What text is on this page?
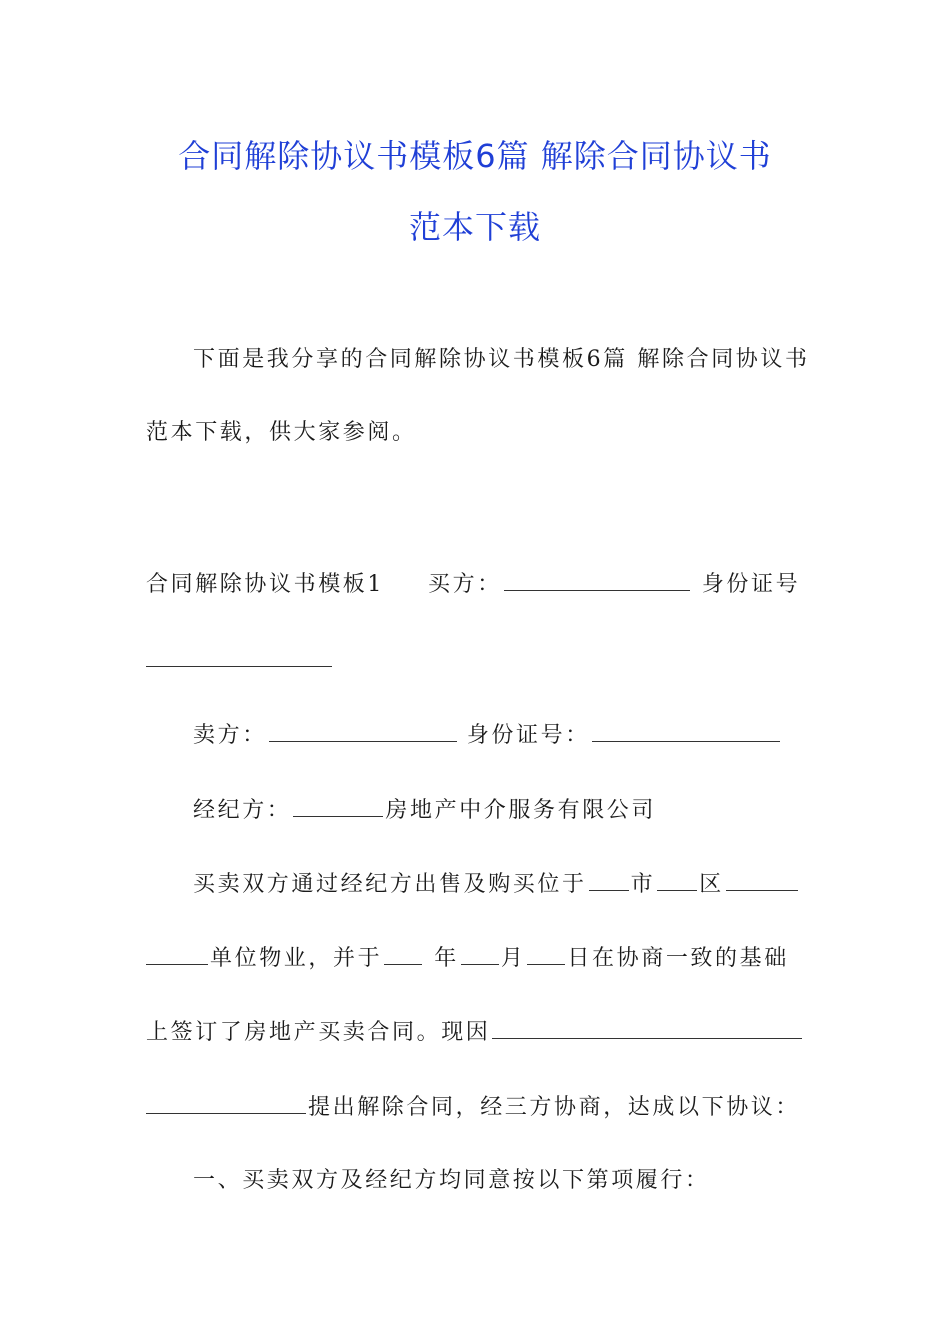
合同解除协议书模板6篇 解除合同协议书
范本下载
下面是我分享的合同解除协议书模板6篇 解除合同协议书
范本下载，供大家参阅。
合同解除协议书模板1 买方：	身份证号
卖方：	身份证号：
经纪方：	房地产中介服务有限公司
买卖双方通过经纪方出售及购买位于 市 区
单位物业，并于 年 月 日在协商一致的基础
上签订了房地产买卖合同。现因
提出解除合同，经三方协商，达成以下协议：
一、买卖双方及经纪方均同意按以下第项履行：
